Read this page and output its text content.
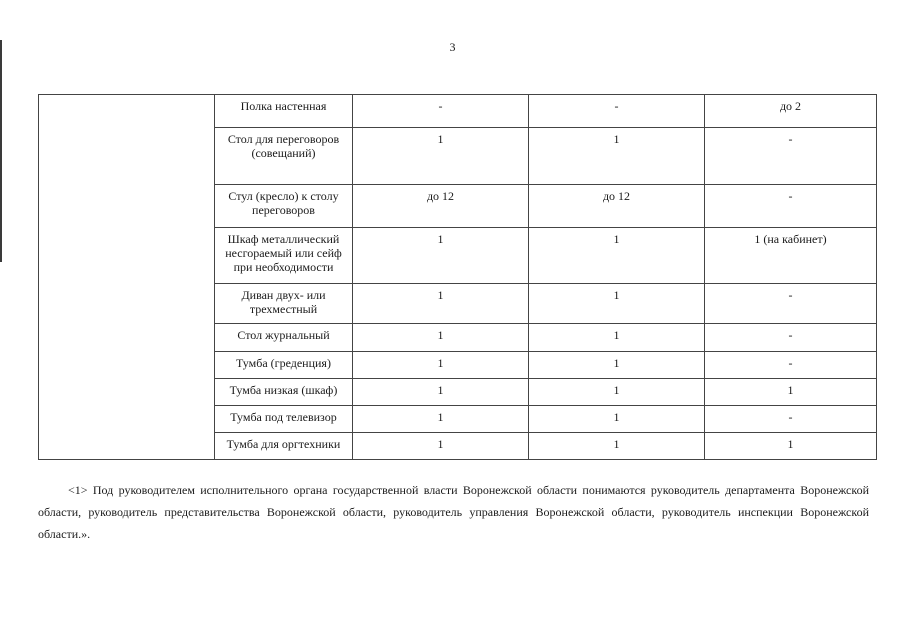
3
	Полка настенная	-	-	до 2
	Стол для переговоров (совещаний)	1	1	-
	Стул (кресло) к столу переговоров	до 12	до 12	-
	Шкаф металлический несгораемый или сейф при необходимости	1	1	1 (на кабинет)
	Диван двух- или трехместный	1	1	-
	Стол журнальный	1	1	-
	Тумба (греденция)	1	1	-
	Тумба низкая (шкаф)	1	1	1
	Тумба под телевизор	1	1	-
	Тумба для оргтехники	1	1	1

<1> Под руководителем исполнительного органа государственной власти Воронежской области понимаются руководитель департамента Воронежской области, руководитель представительства Воронежской области, руководитель управления Воронежской области, руководитель инспекции Воронежской области.».
